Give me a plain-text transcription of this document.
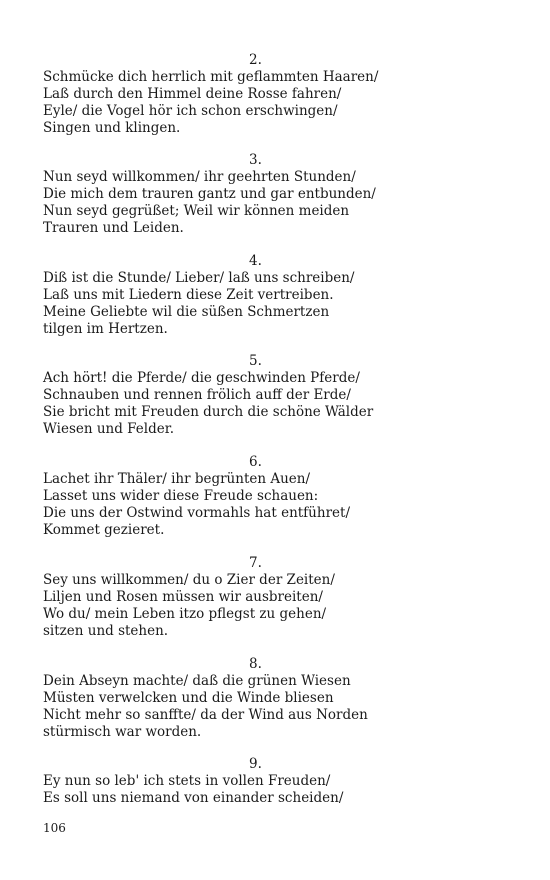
2.
Schmücke dich herrlich mit geflammten Haaren/
Laß durch den Himmel deine Rosse fahren/
Eyle/ die Vogel hör ich schon erschwingen/
Singen und klingen.
3.
Nun seyd willkommen/ ihr geehrten Stunden/
Die mich dem trauren gantz und gar entbunden/
Nun seyd gegrüßet; Weil wir können meiden
Trauren und Leiden.
4.
Diß ist die Stunde/ Lieber/ laß uns schreiben/
Laß uns mit Liedern diese Zeit vertreiben.
Meine Geliebte wil die süßen Schmertzen
tilgen im Hertzen.
5.
Ach hört! die Pferde/ die geschwinden Pferde/
Schnauben und rennen frölich auff der Erde/
Sie bricht mit Freuden durch die schöne Wälder
Wiesen und Felder.
6.
Lachet ihr Thäler/ ihr begrünten Auen/
Lasset uns wider diese Freude schauen:
Die uns der Ostwind vormahls hat entführet/
Kommet gezieret.
7.
Sey uns willkommen/ du o Zier der Zeiten/
Liljen und Rosen müssen wir ausbreiten/
Wo du/ mein Leben itzo pflegst zu gehen/
sitzen und stehen.
8.
Dein Abseyn machte/ daß die grünen Wiesen
Müsten verwelcken und die Winde bliesen
Nicht mehr so sanffte/ da der Wind aus Norden
stürmisch war worden.
9.
Ey nun so leb' ich stets in vollen Freuden/
Es soll uns niemand von einander scheiden/
106
